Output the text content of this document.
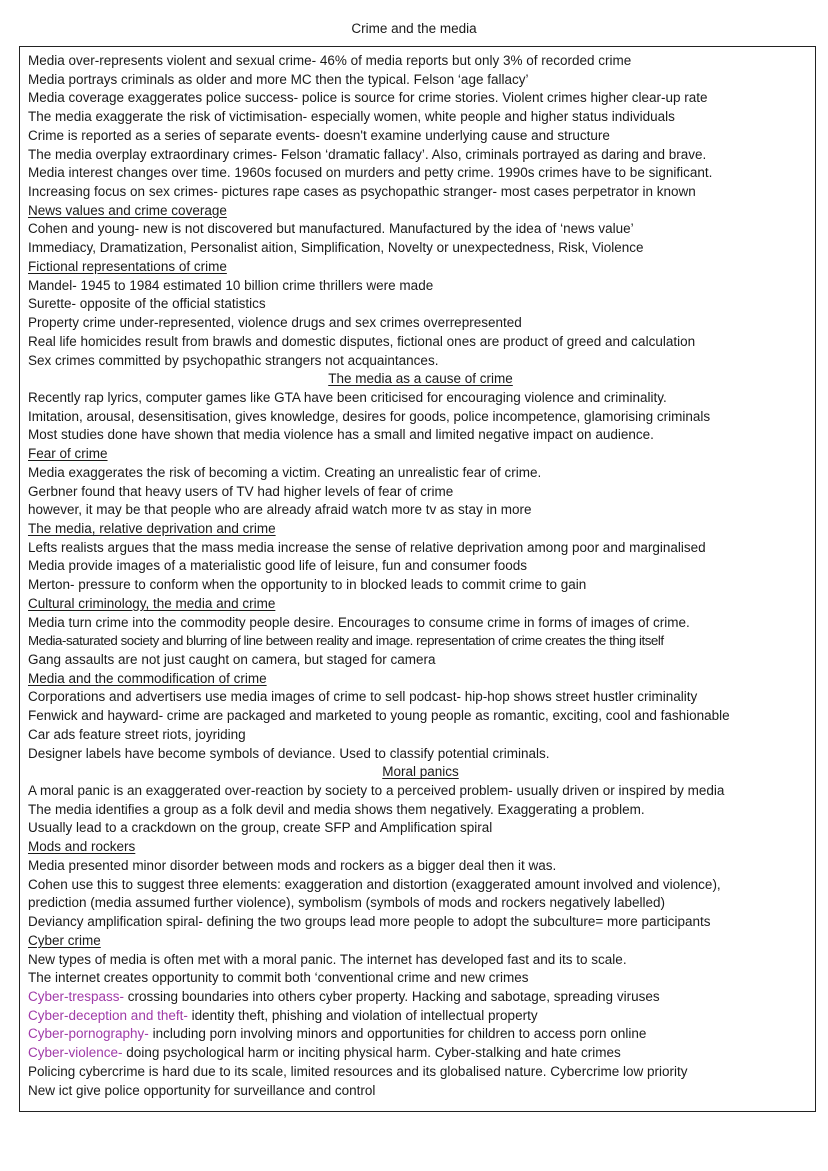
Crime and the media
Media over-represents violent and sexual crime- 46% of media reports but only 3% of recorded crime
Media portrays criminals as older and more MC then the typical. Felson ‘age fallacy’
Media coverage exaggerates police success- police is source for crime stories. Violent crimes higher clear-up rate
The media exaggerate the risk of victimisation- especially women, white people and higher status individuals
Crime is reported as a series of separate events- doesn't examine underlying cause and structure
The media overplay extraordinary crimes- Felson ‘dramatic fallacy’. Also, criminals portrayed as daring and brave.
Media interest changes over time. 1960s focused on murders and petty crime. 1990s crimes have to be significant.
Increasing focus on sex crimes- pictures rape cases as psychopathic stranger- most cases perpetrator in known
News values and crime coverage
Cohen and young- new is not discovered but manufactured. Manufactured by the idea of ‘news value’
Immediacy, Dramatization, Personalist aition, Simplification, Novelty or unexpectedness, Risk, Violence
Fictional representations of crime
Mandel- 1945 to 1984 estimated 10 billion crime thrillers were made
Surette- opposite of the official statistics
Property crime under-represented, violence drugs and sex crimes overrepresented
Real life homicides result from brawls and domestic disputes, fictional ones are product of greed and calculation
Sex crimes committed by psychopathic strangers not acquaintances.
The media as a cause of crime
Recently rap lyrics, computer games like GTA have been criticised for encouraging violence and criminality.
Imitation, arousal, desensitisation, gives knowledge, desires for goods, police incompetence, glamorising criminals
Most studies done have shown that media violence has a small and limited negative impact on audience.
Fear of crime
Media exaggerates the risk of becoming a victim. Creating an unrealistic fear of crime.
Gerbner found that heavy users of TV had higher levels of fear of crime
however, it may be that people who are already afraid watch more tv as stay in more
The media, relative deprivation and crime
Lefts realists argues that the mass media increase the sense of relative deprivation among poor and marginalised
Media provide images of a materialistic good life of leisure, fun and consumer foods
Merton- pressure to conform when the opportunity to in blocked leads to commit crime to gain
Cultural criminology, the media and crime
Media turn crime into the commodity people desire. Encourages to consume crime in forms of images of crime.
Media-saturated society and blurring of line between reality and image. representation of crime creates the thing itself
Gang assaults are not just caught on camera, but staged for camera
Media and the commodification of crime
Corporations and advertisers use media images of crime to sell podcast- hip-hop shows street hustler criminality
Fenwick and hayward- crime are packaged and marketed to young people as romantic, exciting, cool and fashionable
Car ads feature street riots, joyriding
Designer labels have become symbols of deviance. Used to classify potential criminals.
Moral panics
A moral panic is an exaggerated over-reaction by society to a perceived problem- usually driven or inspired by media
The media identifies a group as a folk devil and media shows them negatively. Exaggerating a problem.
Usually lead to a crackdown on the group, create SFP and Amplification spiral
Mods and rockers
Media presented minor disorder between mods and rockers as a bigger deal then it was.
Cohen use this to suggest three elements: exaggeration and distortion (exaggerated amount involved and violence),
prediction (media assumed further violence), symbolism (symbols of mods and rockers negatively labelled)
Deviancy amplification spiral- defining the two groups lead more people to adopt the subculture= more participants
Cyber crime
New types of media is often met with a moral panic. The internet has developed fast and its to scale.
The internet creates opportunity to commit both ‘conventional crime and new crimes
Cyber-trespass- crossing boundaries into others cyber property. Hacking and sabotage, spreading viruses
Cyber-deception and theft- identity theft, phishing and violation of intellectual property
Cyber-pornography- including porn involving minors and opportunities for children to access porn online
Cyber-violence- doing psychological harm or inciting physical harm. Cyber-stalking and hate crimes
Policing cybercrime is hard due to its scale, limited resources and its globalised nature. Cybercrime low priority
New ict give police opportunity for surveillance and control
